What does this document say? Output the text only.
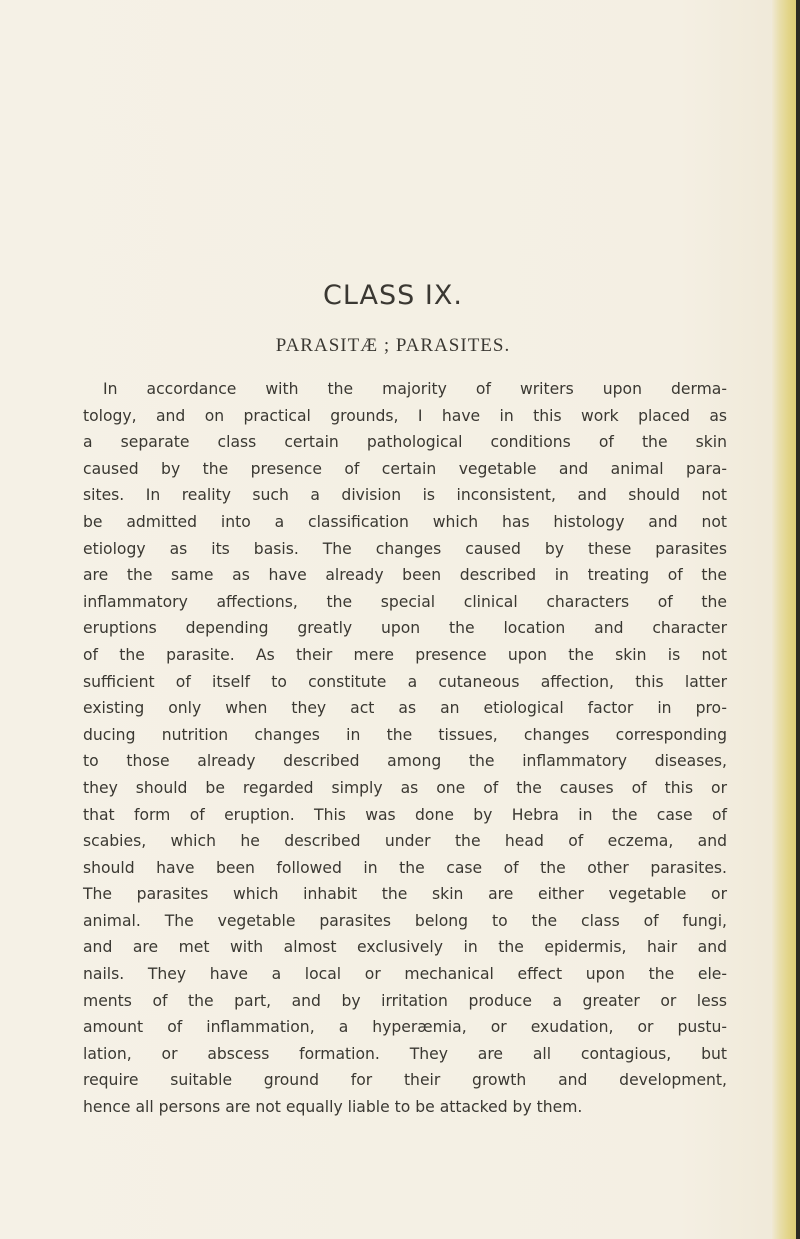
CLASS IX.
PARASITÆ ; PARASITES.
In accordance with the majority of writers upon derma-
tology, and on practical grounds, I have in this work placed as
a separate class certain pathological conditions of the skin
caused by the presence of certain vegetable and animal para-
sites. In reality such a division is inconsistent, and should not
be admitted into a classification which has histology and not
etiology as its basis. The changes caused by these parasites
are the same as have already been described in treating of the
inflammatory affections, the special clinical characters of the
eruptions depending greatly upon the location and character
of the parasite. As their mere presence upon the skin is not
sufficient of itself to constitute a cutaneous affection, this latter
existing only when they act as an etiological factor in pro-
ducing nutrition changes in the tissues, changes corresponding
to those already described among the inflammatory diseases,
they should be regarded simply as one of the causes of this or
that form of eruption. This was done by Hebra in the case of
scabies, which he described under the head of eczema, and
should have been followed in the case of the other parasites.
The parasites which inhabit the skin are either vegetable or
animal. The vegetable parasites belong to the class of fungi,
and are met with almost exclusively in the epidermis, hair and
nails. They have a local or mechanical effect upon the ele-
ments of the part, and by irritation produce a greater or less
amount of inflammation, a hyperæmia, or exudation, or pustu-
lation, or abscess formation. They are all contagious, but
require suitable ground for their growth and development,
hence all persons are not equally liable to be attacked by them.
